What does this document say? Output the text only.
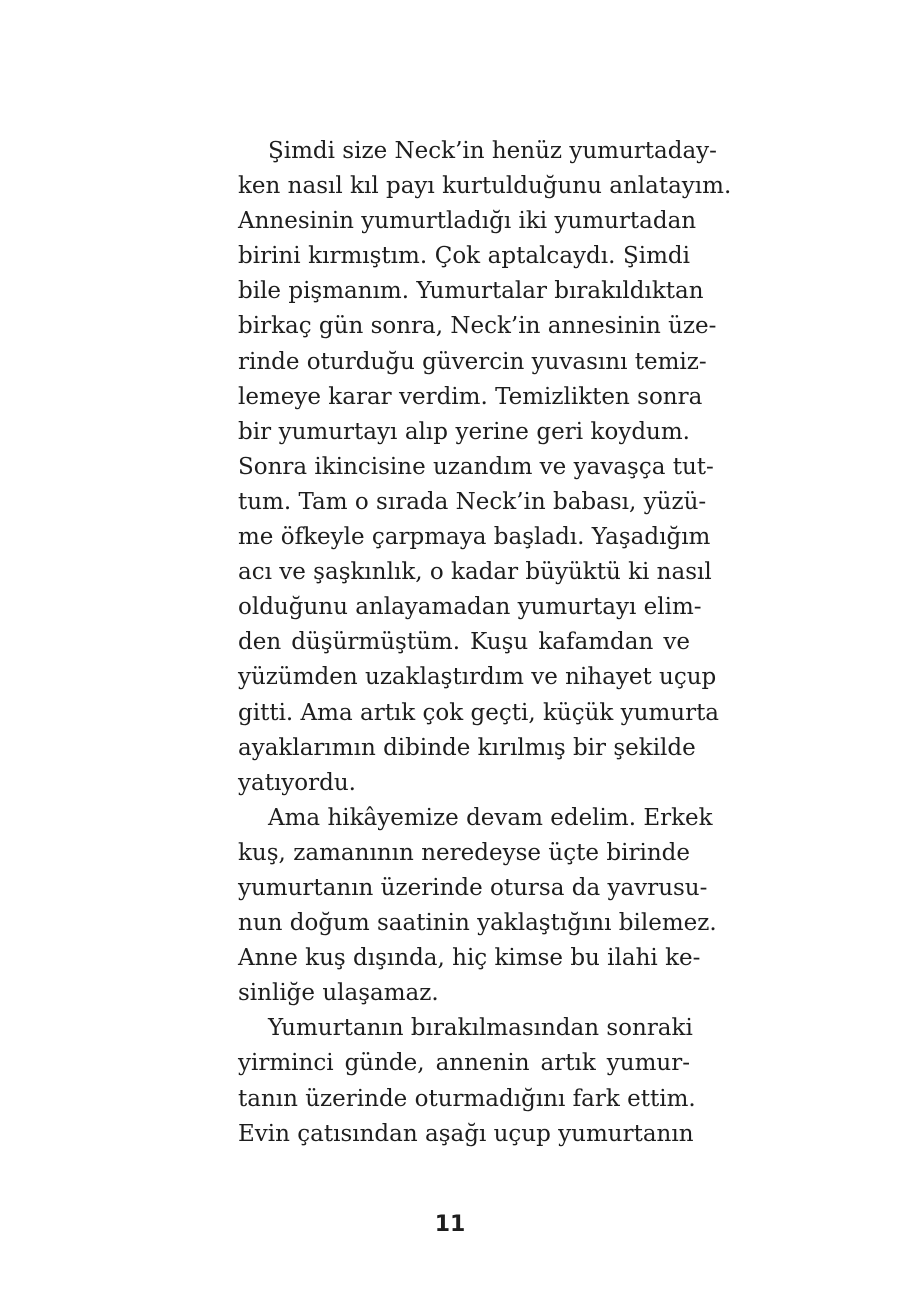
Şimdi size Neck’in henüz yumurtaday-
ken nasıl kıl payı kurtulduğunu anlatayım.
Annesinin yumurtladığı iki yumurtadan
birini kırmıştım. Çok aptalcaydı. Şimdi
bile pişmanım. Yumurtalar bırakıldıktan
birkaç gün sonra, Neck’in annesinin üze-
rinde oturduğu güvercin yuvasını temiz-
lemeye karar verdim. Temizlikten sonra
bir yumurtayı alıp yerine geri koydum.
Sonra ikincisine uzandım ve yavaşça tut-
tum. Tam o sırada Neck’in babası, yüzü-
me öfkeyle çarpmaya başladı. Yaşadığım
acı ve şaşkınlık, o kadar büyüktü ki nasıl
olduğunu anlayamadan yumurtayı elim-
den düşürmüştüm. Kuşu kafamdan ve
yüzümden uzaklaştırdım ve nihayet uçup
gitti. Ama artık çok geçti, küçük yumurta
ayaklarımın dibinde kırılmış bir şekilde
yatıyordu.
Ama hikâyemize devam edelim. Erkek
kuş, zamanının neredeyse üçte birinde
yumurtanın üzerinde otursa da yavrusu-
nun doğum saatinin yaklaştığını bilemez.
Anne kuş dışında, hiç kimse bu ilahi ke-
sinliğe ulaşamaz.
Yumurtanın bırakılmasından sonraki
yirminci günde, annenin artık yumur-
tanın üzerinde oturmadığını fark ettim.
Evin çatısından aşağı uçup yumurtanın
11
